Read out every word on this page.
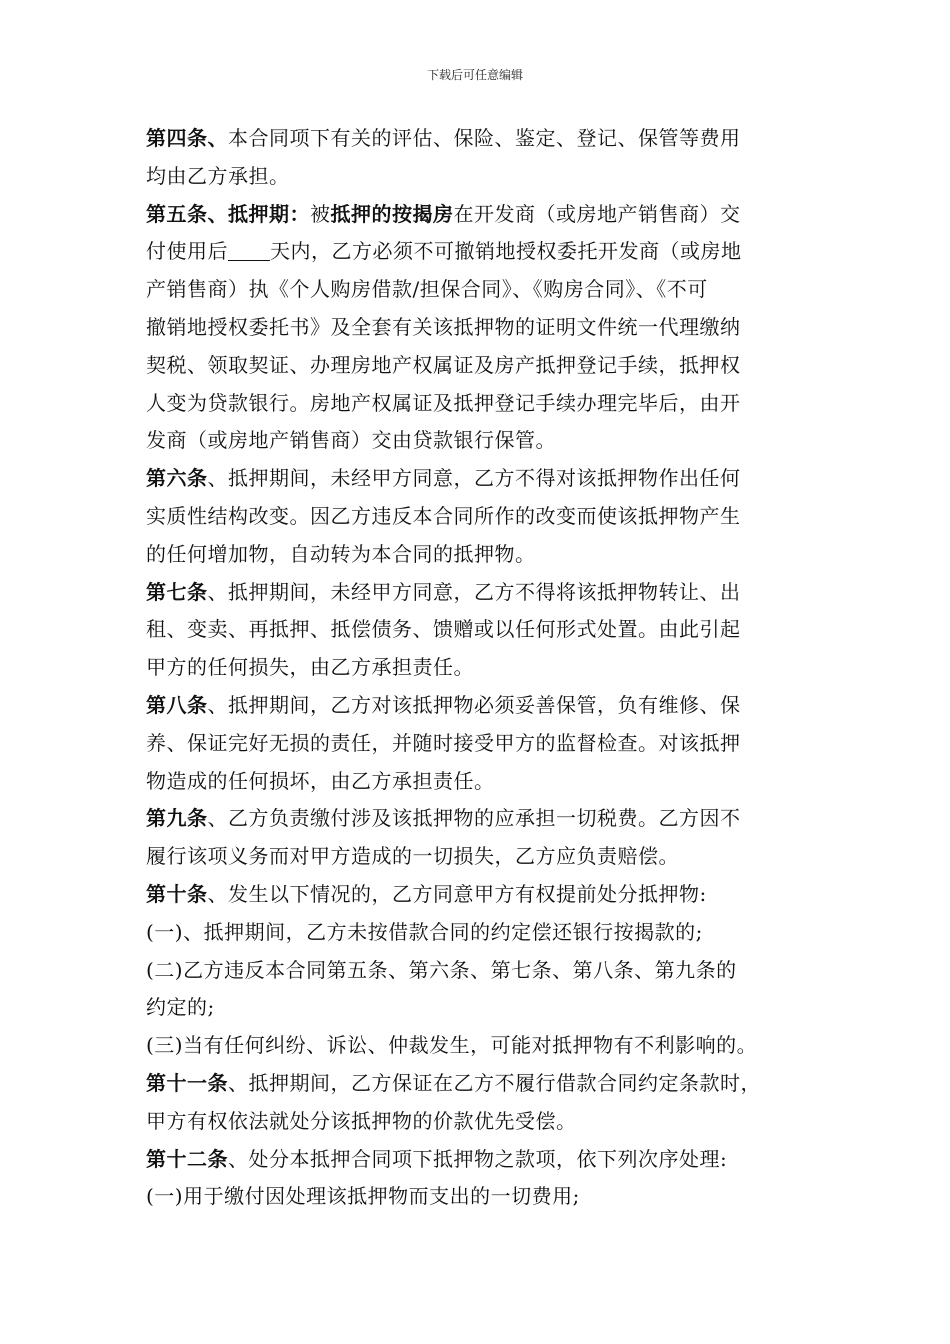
下载后可任意编辑
第四条、本合同项下有关的评估、保险、鉴定、登记、保管等费用
均由乙方承担。
第五条、抵押期：被抵押的按揭房在开发商（或房地产销售商）交
付使用后 天内，乙方必须不可撤销地授权委托开发商（或房地
产销售商）执《个人购房借款/担保合同》、《购房合同》、《不可
撤销地授权委托书》及全套有关该抵押物的证明文件统一代理缴纳
契税、领取契证、办理房地产权属证及房产抵押登记手续，抵押权
人变为贷款银行。房地产权属证及抵押登记手续办理完毕后，由开
发商（或房地产销售商）交由贷款银行保管。
第六条、抵押期间，未经甲方同意，乙方不得对该抵押物作出任何
实质性结构改变。因乙方违反本合同所作的改变而使该抵押物产生
的任何增加物，自动转为本合同的抵押物。
第七条、抵押期间，未经甲方同意，乙方不得将该抵押物转让、出
租、变卖、再抵押、抵偿债务、馈赠或以任何形式处置。由此引起
甲方的任何损失，由乙方承担责任。
第八条、抵押期间，乙方对该抵押物必须妥善保管，负有维修、保
养、保证完好无损的责任，并随时接受甲方的监督检查。对该抵押
物造成的任何损坏，由乙方承担责任。
第九条、乙方负责缴付涉及该抵押物的应承担一切税费。乙方因不
履行该项义务而对甲方造成的一切损失，乙方应负责赔偿。
第十条、发生以下情况的，乙方同意甲方有权提前处分抵押物:
(一)、抵押期间，乙方未按借款合同的约定偿还银行按揭款的;
(二)乙方违反本合同第五条、第六条、第七条、第八条、第九条的
约定的;
(三)当有任何纠纷、诉讼、仲裁发生，可能对抵押物有不利影响的。
第十一条、抵押期间，乙方保证在乙方不履行借款合同约定条款时，
甲方有权依法就处分该抵押物的价款优先受偿。
第十二条、处分本抵押合同项下抵押物之款项，依下列次序处理:
(一)用于缴付因处理该抵押物而支出的一切费用;
